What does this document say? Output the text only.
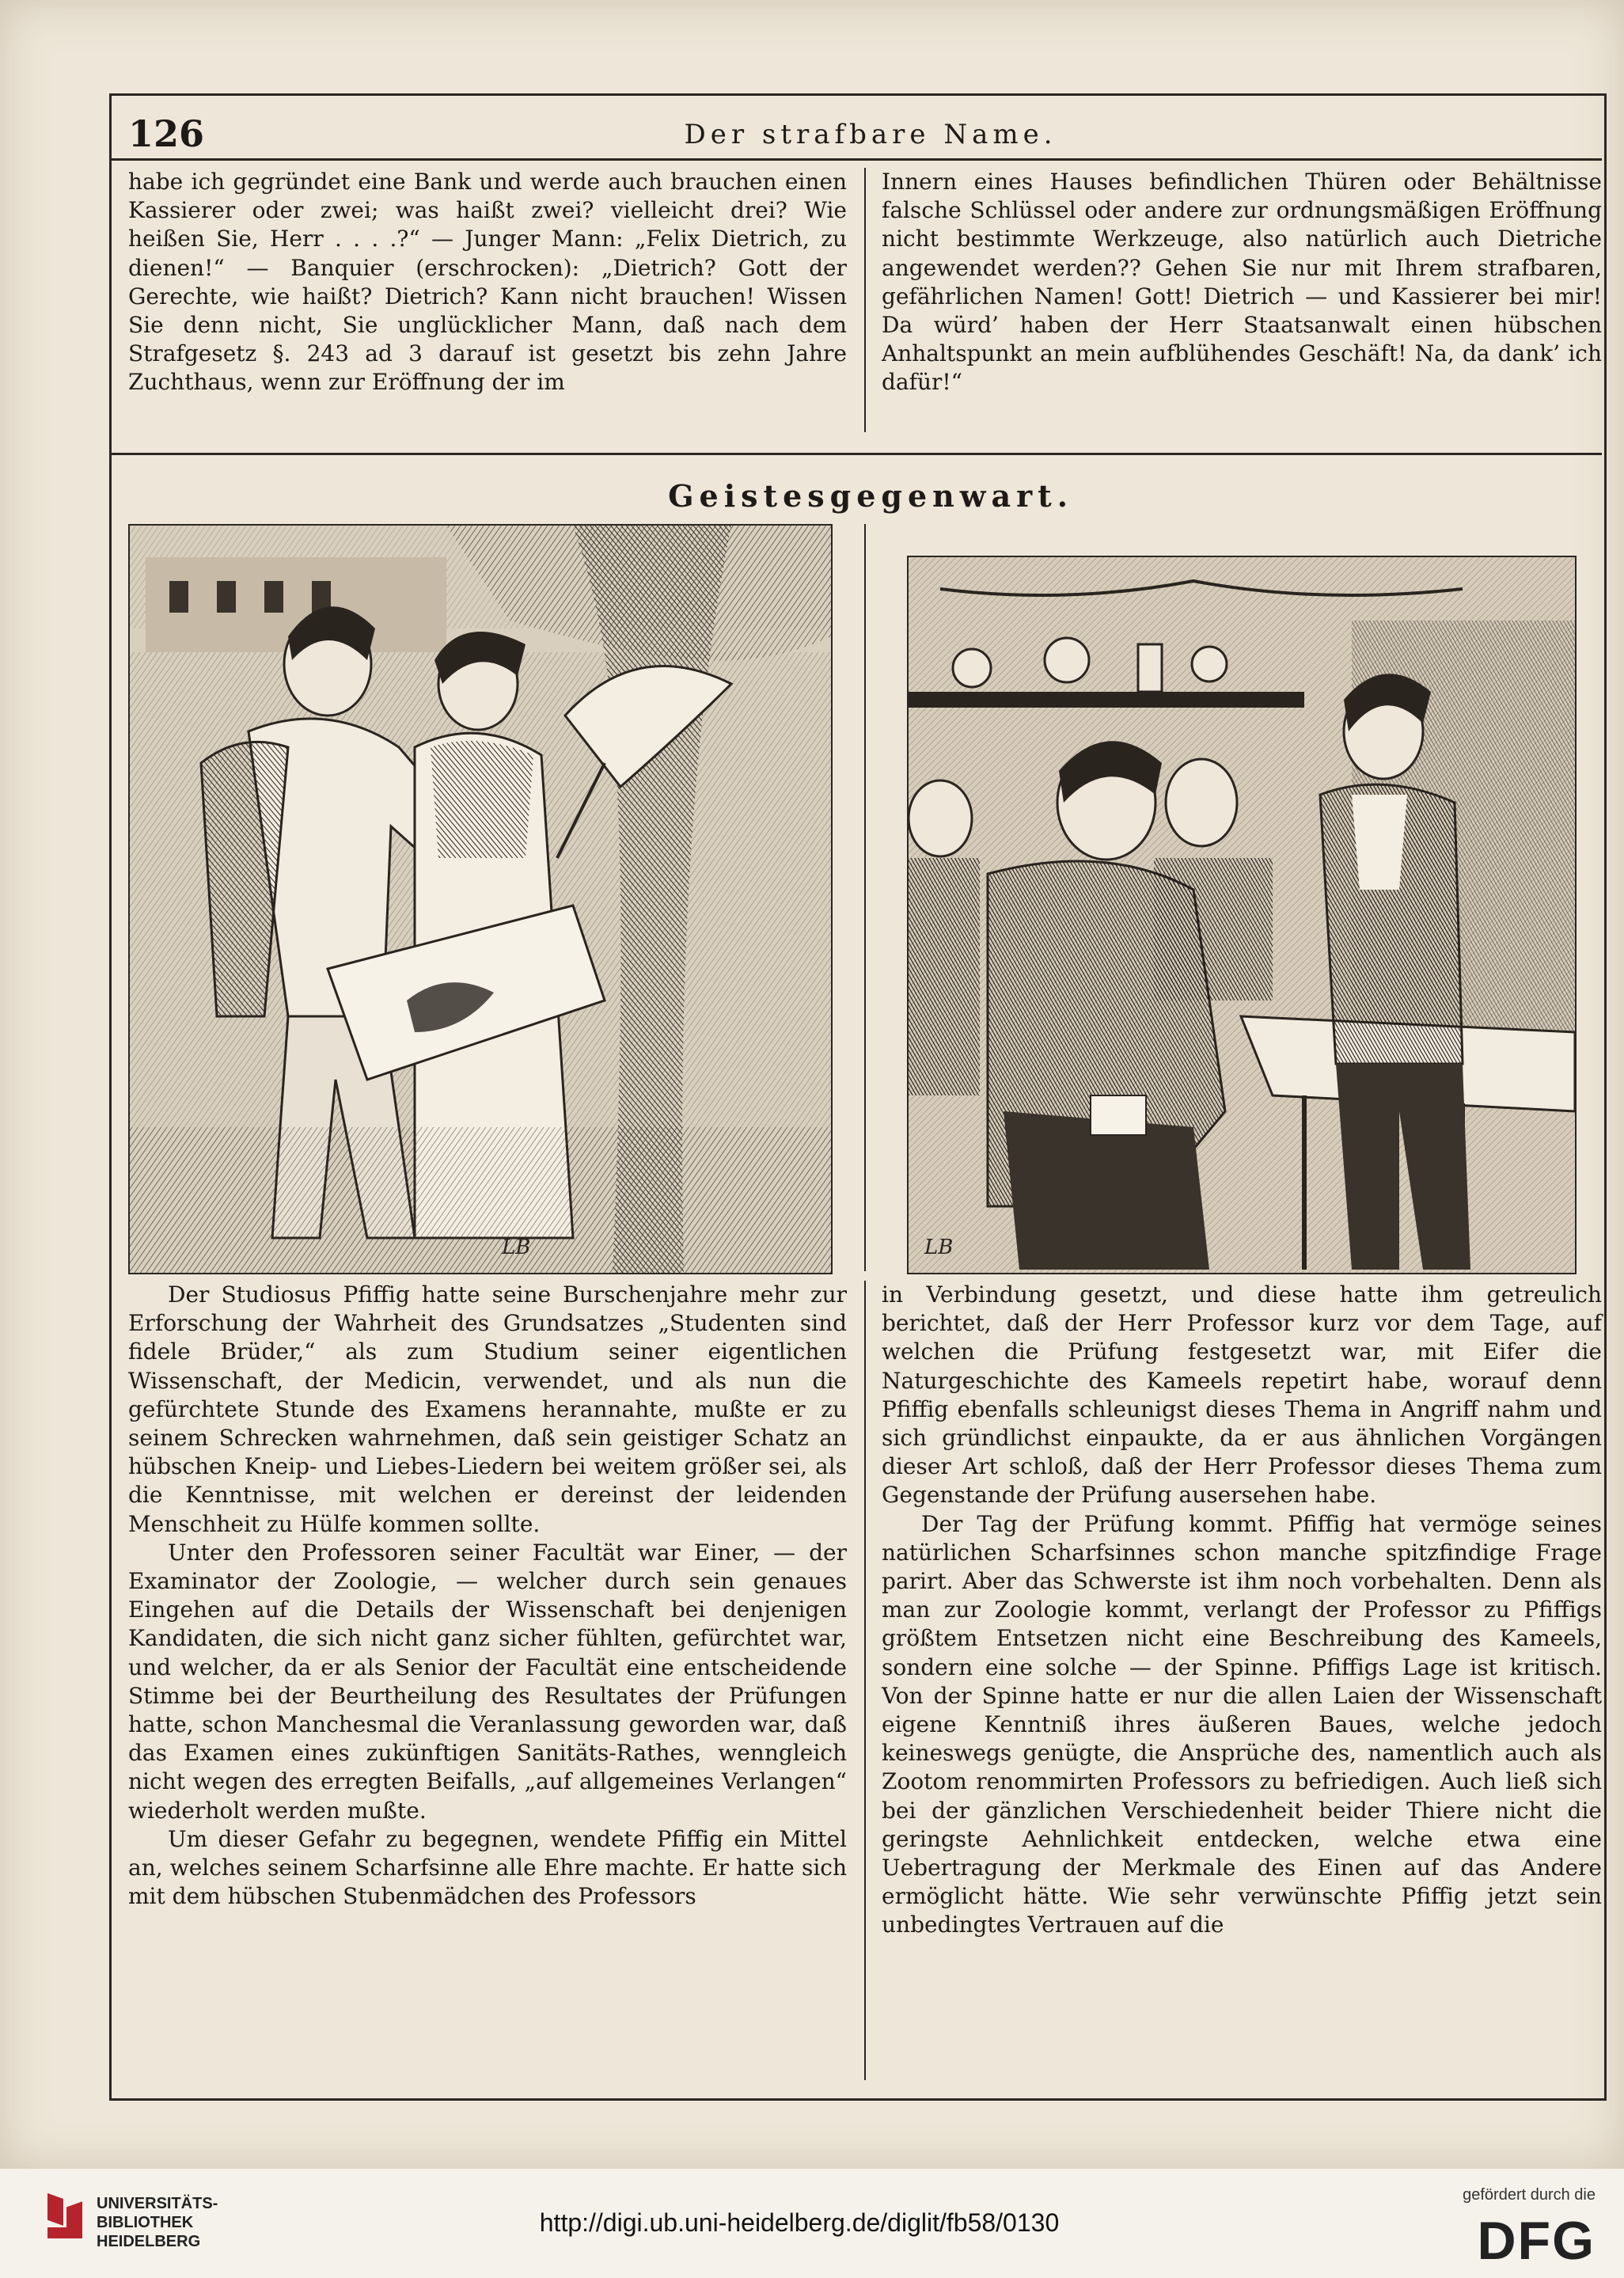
126	Der strafbare Name.

habe ich gegründet eine Bank und werde auch brauchen einen Kassierer oder zwei; was haißt zwei? vielleicht drei? Wie heißen Sie, Herr . . . .?“ — Junger Mann: „Felix Dietrich, zu dienen!“ — Banquier (erschrocken): „Dietrich? Gott der Gerechte, wie haißt? Dietrich? Kann nicht brauchen! Wissen Sie denn nicht, Sie unglücklicher Mann, daß nach dem Strafgesetz §. 243 ad 3 darauf ist gesetzt bis zehn Jahre Zuchthaus, wenn zur Eröffnung der im

Innern eines Hauses befindlichen Thüren oder Behältnisse falsche Schlüssel oder andere zur ordnungsmäßigen Eröffnung nicht bestimmte Werkzeuge, also natürlich auch Dietriche angewendet werden?? Gehen Sie nur mit Ihrem strafbaren, gefährlichen Namen! Gott! Dietrich — und Kassierer bei mir! Da würd’ haben der Herr Staatsanwalt einen hübschen Anhaltspunkt an mein aufblühendes Geschäft! Na, da dank’ ich dafür!“

Geistesgegenwart.
LB	LB

Der Studiosus Pfiffig hatte seine Burschenjahre mehr zur Erforschung der Wahrheit des Grundsatzes „Studenten sind fidele Brüder,“ als zum Studium seiner eigentlichen Wissenschaft, der Medicin, verwendet, und als nun die gefürchtete Stunde des Examens herannahte, mußte er zu seinem Schrecken wahrnehmen, daß sein geistiger Schatz an hübschen Kneip- und Liebes-Liedern bei weitem größer sei, als die Kenntnisse, mit welchen er dereinst der leidenden Menschheit zu Hülfe kommen sollte.

Unter den Professoren seiner Facultät war Einer, — der Examinator der Zoologie, — welcher durch sein genaues Eingehen auf die Details der Wissenschaft bei denjenigen Kandidaten, die sich nicht ganz sicher fühlten, gefürchtet war, und welcher, da er als Senior der Facultät eine entscheidende Stimme bei der Beurtheilung des Resultates der Prüfungen hatte, schon Manchesmal die Veranlassung geworden war, daß das Examen eines zukünftigen Sanitäts-Rathes, wenngleich nicht wegen des erregten Beifalls, „auf allgemeines Verlangen“ wiederholt werden mußte.

Um dieser Gefahr zu begegnen, wendete Pfiffig ein Mittel an, welches seinem Scharfsinne alle Ehre machte. Er hatte sich mit dem hübschen Stubenmädchen des Professors

in Verbindung gesetzt, und diese hatte ihm getreulich berichtet, daß der Herr Professor kurz vor dem Tage, auf welchen die Prüfung festgesetzt war, mit Eifer die Naturgeschichte des Kameels repetirt habe, worauf denn Pfiffig ebenfalls schleunigst dieses Thema in Angriff nahm und sich gründlichst einpaukte, da er aus ähnlichen Vorgängen dieser Art schloß, daß der Herr Professor dieses Thema zum Gegenstande der Prüfung ausersehen habe.

Der Tag der Prüfung kommt. Pfiffig hat vermöge seines natürlichen Scharfsinnes schon manche spitzfindige Frage parirt. Aber das Schwerste ist ihm noch vorbehalten. Denn als man zur Zoologie kommt, verlangt der Professor zu Pfiffigs größtem Entsetzen nicht eine Beschreibung des Kameels, sondern eine solche — der Spinne. Pfiffigs Lage ist kritisch. Von der Spinne hatte er nur die allen Laien der Wissenschaft eigene Kenntniß ihres äußeren Baues, welche jedoch keineswegs genügte, die Ansprüche des, namentlich auch als Zootom renommirten Professors zu befriedigen. Auch ließ sich bei der gänzlichen Verschiedenheit beider Thiere nicht die geringste Aehnlichkeit entdecken, welche etwa eine Uebertragung der Merkmale des Einen auf das Andere ermöglicht hätte. Wie sehr verwünschte Pfiffig jetzt sein unbedingtes Vertrauen auf die

UNIVERSITÄTS-
BIBLIOTHEK
HEIDELBERG
http://digi.ub.uni-heidelberg.de/diglit/fb58/0130
gefördert durch die
DFG
